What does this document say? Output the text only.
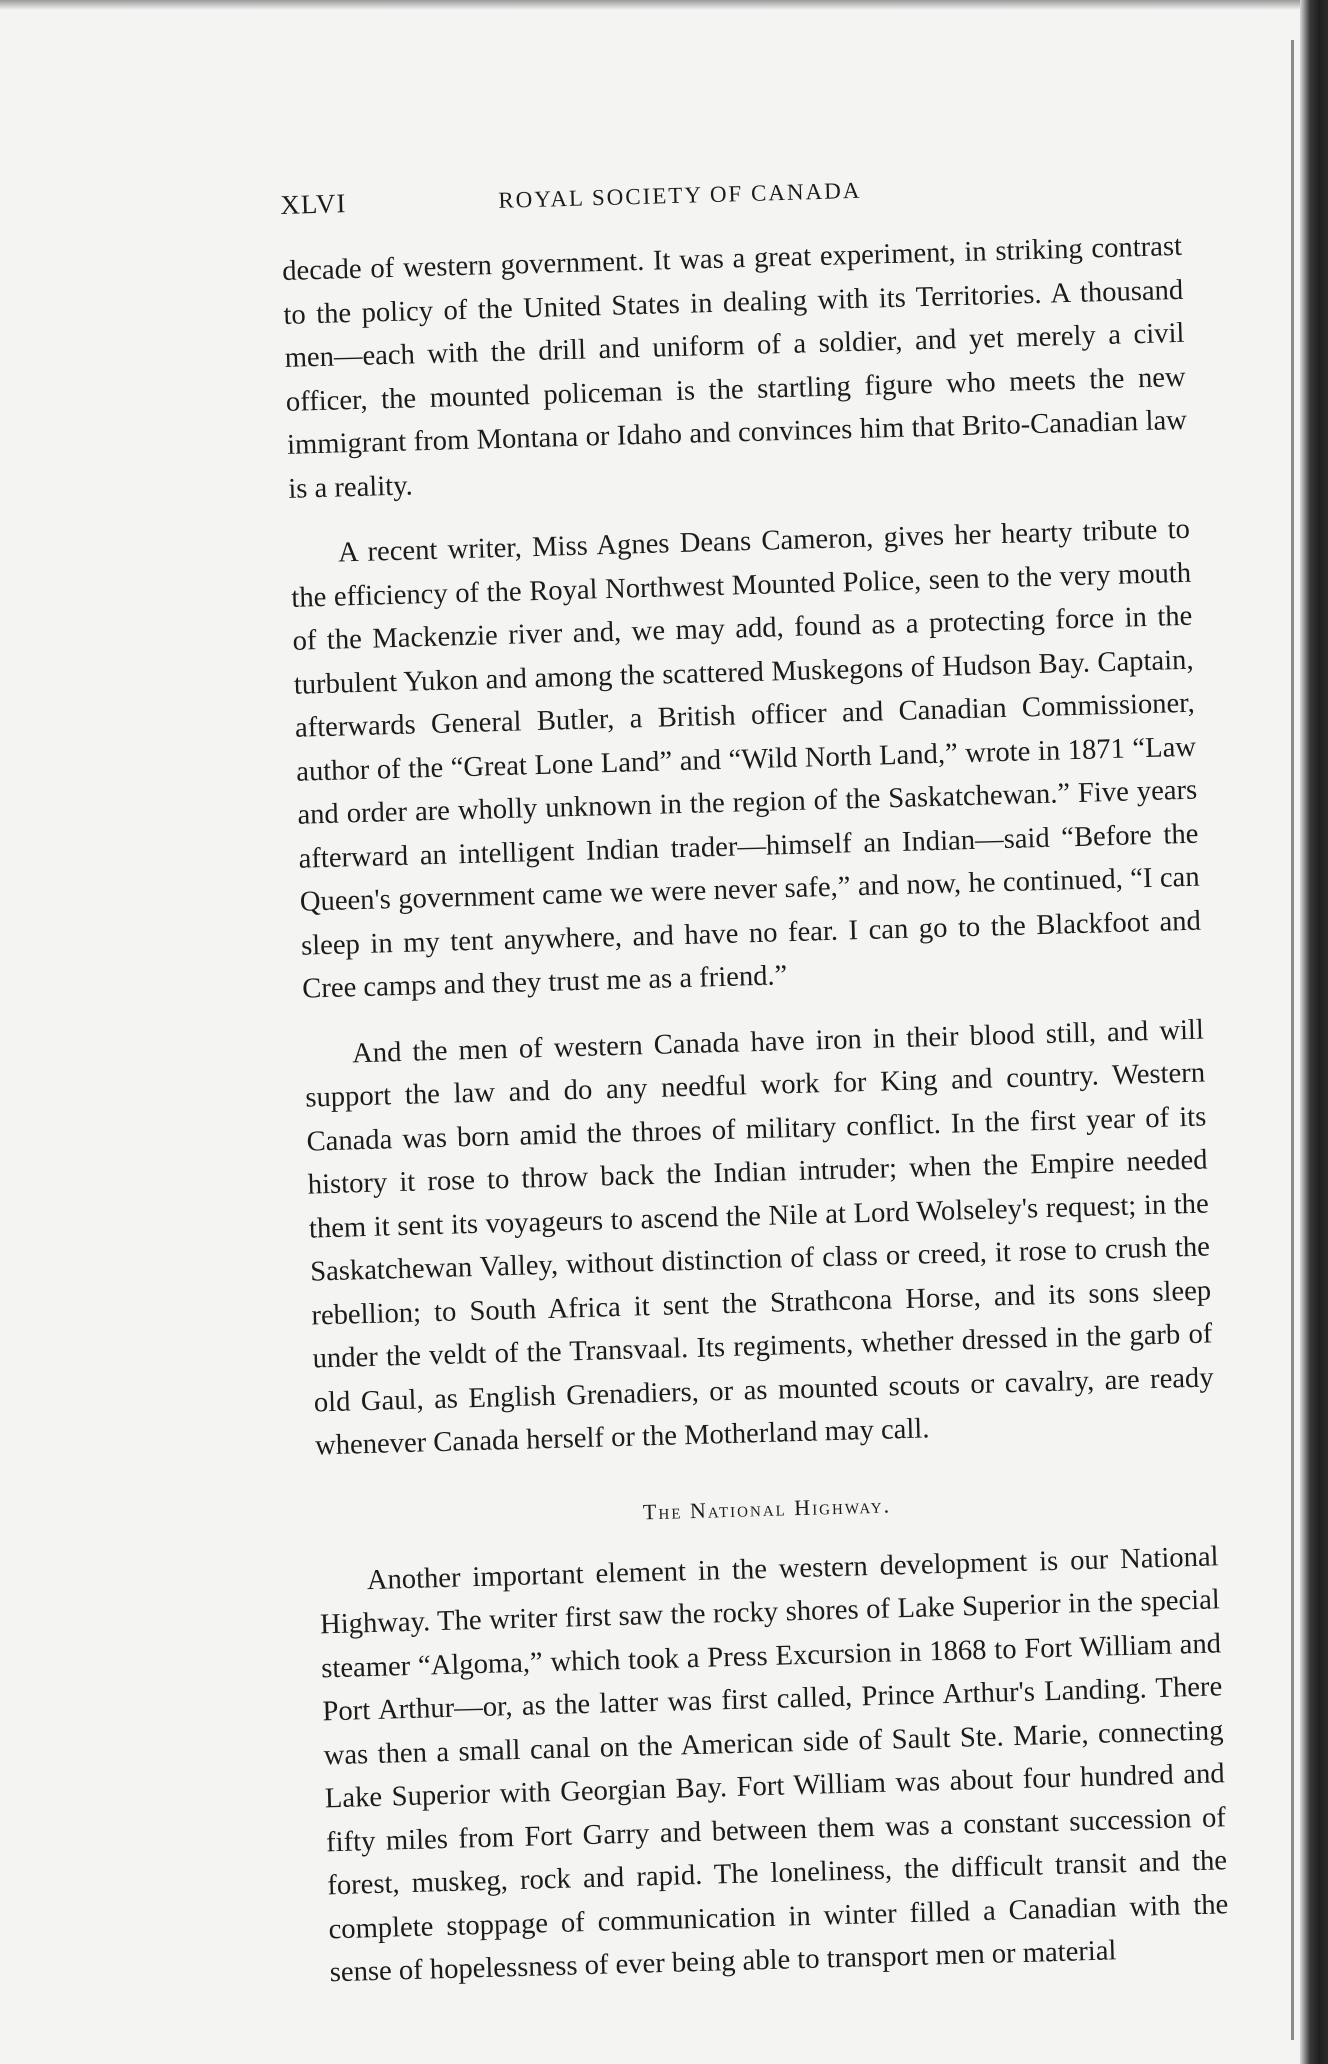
XLVI	ROYAL SOCIETY OF CANADA

decade of western government. It was a great experiment, in striking contrast to the policy of the United States in dealing with its Territories. A thousand men—each with the drill and uniform of a soldier, and yet merely a civil officer, the mounted policeman is the startling figure who meets the new immigrant from Montana or Idaho and convinces him that Brito-Canadian law is a reality.

A recent writer, Miss Agnes Deans Cameron, gives her hearty tribute to the efficiency of the Royal Northwest Mounted Police, seen to the very mouth of the Mackenzie river and, we may add, found as a protecting force in the turbulent Yukon and among the scattered Muskegons of Hudson Bay. Captain, afterwards General Butler, a British officer and Canadian Commissioner, author of the “Great Lone Land” and “Wild North Land,” wrote in 1871 “Law and order are wholly unknown in the region of the Saskatchewan.” Five years afterward an intelligent Indian trader—himself an Indian—said “Before the Queen's government came we were never safe,” and now, he continued, “I can sleep in my tent anywhere, and have no fear. I can go to the Blackfoot and Cree camps and they trust me as a friend.”

And the men of western Canada have iron in their blood still, and will support the law and do any needful work for King and country. Western Canada was born amid the throes of military conflict. In the first year of its history it rose to throw back the Indian intruder; when the Empire needed them it sent its voyageurs to ascend the Nile at Lord Wolseley's request; in the Saskatchewan Valley, without distinction of class or creed, it rose to crush the rebellion; to South Africa it sent the Strathcona Horse, and its sons sleep under the veldt of the Transvaal. Its regiments, whether dressed in the garb of old Gaul, as English Grenadiers, or as mounted scouts or cavalry, are ready whenever Canada herself or the Motherland may call.

The National Highway.

Another important element in the western development is our National Highway. The writer first saw the rocky shores of Lake Superior in the special steamer “Algoma,” which took a Press Excursion in 1868 to Fort William and Port Arthur—or, as the latter was first called, Prince Arthur's Landing. There was then a small canal on the American side of Sault Ste. Marie, connecting Lake Superior with Georgian Bay. Fort William was about four hundred and fifty miles from Fort Garry and between them was a constant succession of forest, muskeg, rock and rapid. The loneliness, the difficult transit and the complete stoppage of communication in winter filled a Canadian with the sense of hopelessness of ever being able to transport men or material
